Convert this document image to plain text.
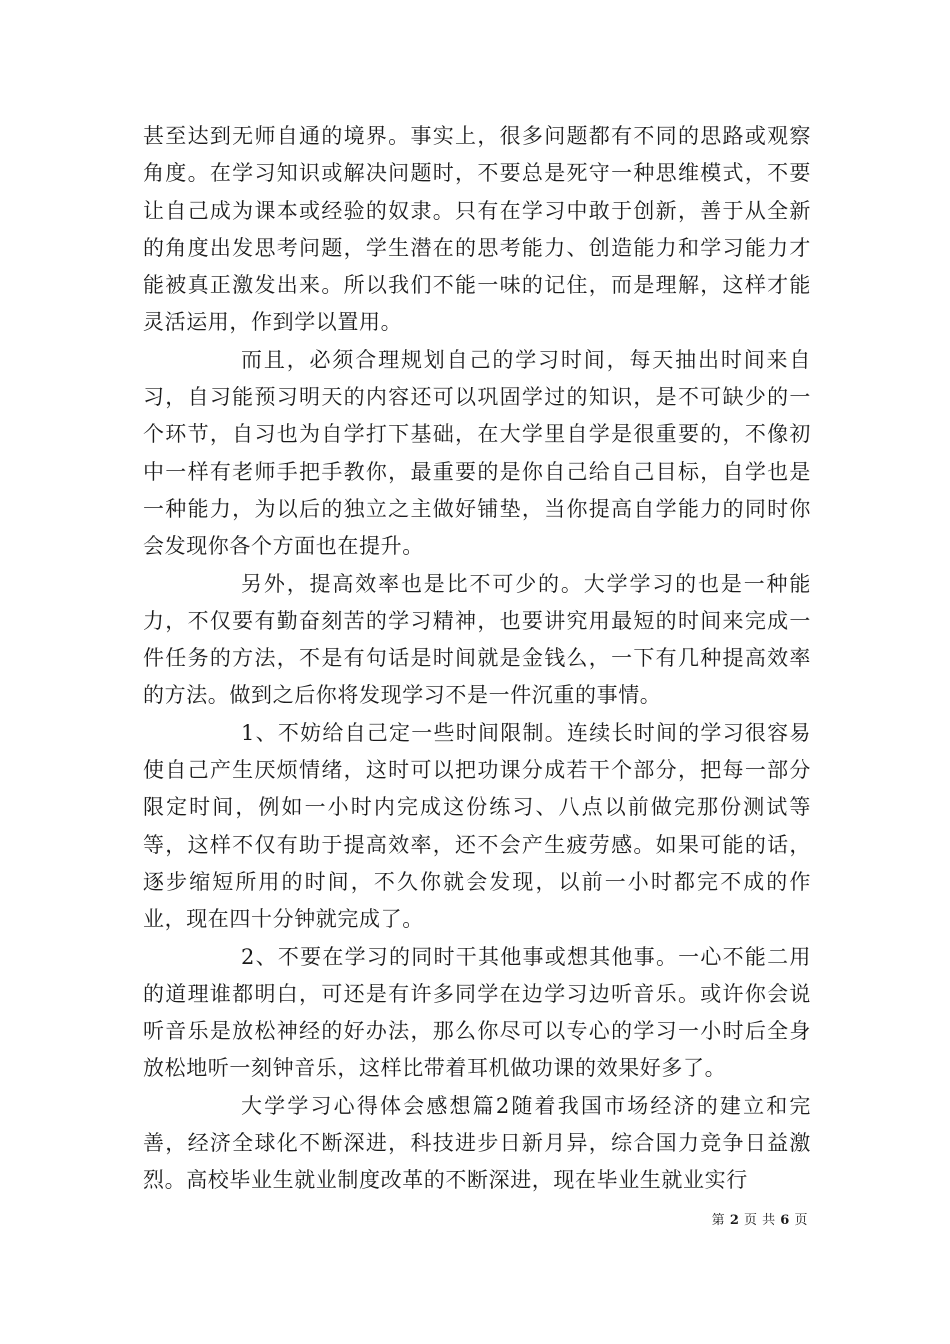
甚至达到无师自通的境界。事实上，很多问题都有不同的思路或观察角度。在学习知识或解决问题时，不要总是死守一种思维模式，不要让自己成为课本或经验的奴隶。只有在学习中敢于创新，善于从全新的角度出发思考问题，学生潜在的思考能力、创造能力和学习能力才能被真正激发出来。所以我们不能一味的记住，而是理解，这样才能灵活运用，作到学以置用。

而且，必须合理规划自己的学习时间，每天抽出时间来自习，自习能预习明天的内容还可以巩固学过的知识，是不可缺少的一个环节，自习也为自学打下基础，在大学里自学是很重要的，不像初中一样有老师手把手教你，最重要的是你自己给自己目标，自学也是一种能力，为以后的独立之主做好铺垫，当你提高自学能力的同时你会发现你各个方面也在提升。

另外，提高效率也是比不可少的。大学学习的也是一种能力，不仅要有勤奋刻苦的学习精神，也要讲究用最短的时间来完成一件任务的方法，不是有句话是时间就是金钱么，一下有几种提高效率的方法。做到之后你将发现学习不是一件沉重的事情。

1、不妨给自己定一些时间限制。连续长时间的学习很容易使自己产生厌烦情绪，这时可以把功课分成若干个部分，把每一部分限定时间，例如一小时内完成这份练习、八点以前做完那份测试等等，这样不仅有助于提高效率，还不会产生疲劳感。如果可能的话，逐步缩短所用的时间，不久你就会发现，以前一小时都完不成的作业，现在四十分钟就完成了。

2、不要在学习的同时干其他事或想其他事。一心不能二用的道理谁都明白，可还是有许多同学在边学习边听音乐。或许你会说听音乐是放松神经的好办法，那么你尽可以专心的学习一小时后全身放松地听一刻钟音乐，这样比带着耳机做功课的效果好多了。

大学学习心得体会感想篇2随着我国市场经济的建立和完善，经济全球化不断深进，科技进步日新月异，综合国力竞争日益激烈。高校毕业生就业制度改革的不断深进，现在毕业生就业实行

第 2 页 共 6 页
